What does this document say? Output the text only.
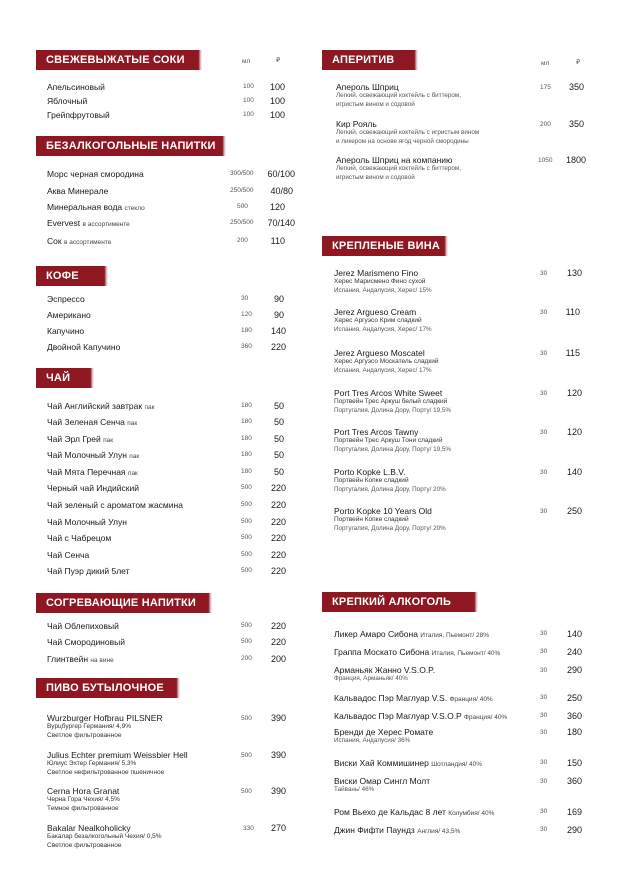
СВЕЖЕВЫЖАТЫЕ СОКИ	мл	₽
Апельсиновый	100 100
Яблочный	100 100
Грейпфрутовый	100 100
БЕЗАЛКОГОЛЬНЫЕ НАПИТКИ
Морс черная смородина	300/500 60/100
Аква Минерале	250/500 40/80
Минеральная вода стекло	500 120
Evervest в ассортименте	250/500 70/140
Сок в ассортименте	200	110
КОФЕ
Эспрессо	30	90
Американо	120 90
Капучино	180 140
Двойной Капучино	360 220
ЧАЙ
Чай Английский завтрак пак	180 50
Чай Зеленая Сенча пак	180 50
Чай Эрл Грей пак	180 50
Чай Молочный Улун пак	180 50
Чай Мята Перечная пак	180 50
Черный чай Индийский	500 220
Чай зеленый с ароматом жасмина	500 220
Чай Молочный Улун	500 220
Чай с Чабрецом	500 220
Чай Сенча	500 220
Чай Пуэр дикий 5лет	500 220
СОГРЕВАЮЩИЕ НАПИТКИ
Чай Облепиховый	500 220
Чай Смородиновый	500 220
Глинтвейн на вине	200 200
ПИВО БУТЫЛОЧНОЕ
Wurzburger Hofbrau PILSNER
Вурцбургер Германия/ 4,9%
Светлое фильтрованное
500 390
Julius Echter premium Weissbier Hell
Юлиус Эхтер Германия/ 5,3%
Светлое нефильтрованное пшеничное
500 390
Cerna Hora Granat
Черна Гора Чехия/ 4,5%
Темное фильтрованное
500 390
Bakalar Nealkoholicky
Бакалар безалкогольный Чехия/ 0,5%
Светлое фильтрованное
330 270
АПЕРИТИВ	мл	₽
Апероль Шприц
Легкий, освежающий коктейль с биттером,
игристым вином и содовой
175 350
Кир Рояль
Легкий, освежающий коктейль с игристым вином
и ликером на основе ягод черной смородины
200 350
Апероль Шприц на компанию
Легкий, освежающий коктейль с биттером,
игристым вином и содовой
1050 1800
КРЕПЛЕНЫЕ ВИНА
Jerez Marismeno Fino
Херес Марисмено Фино сухой
Испания, Андалусия, Херес/ 15%
30 130
Jerez Argueso Cream
Херес Аргуэсо Крим сладкий
Испания, Андалусия, Херес/ 17%
30 110
Jerez Argueso Moscatel
Херес Аргуэсо Москатель сладкий
Испания, Андалусия, Херес/ 17%
30 115
Port Tres Arcos White Sweet
Портвейн Трес Аркуш белый сладкий
Португалия, Долина Дору, Порту/ 19,5%
30 120
Port Tres Arcos Tawny
Портвейн Трес Аркуш Тони сладкий
Португалия, Долина Дору, Порту/ 19,5%
30 120
Porto Kopke L.B.V.
Портвейн Копке сладкий
Португалия, Долина Дору, Порту/ 20%
30 140
Porto Kopke 10 Years Old
Портвейн Копке сладкий
Португалия, Долина Дору, Порту/ 20%
30 250
КРЕПКИЙ АЛКОГОЛЬ
Ликер Амаро Сибона Италия, Пьемонт/ 28%	30 140
Граппа Москато Сибона Италия, Пьемонт/ 40%	30 240
Арманьяк Жанно V.S.O.P.
Франция, Арманьяк/ 40%
30 290
Кальвадос Пэр Маглуар V.S. Франция/ 40%	30 250
Кальвадос Пэр Маглуар V.S.O.P Франция/ 40%	30 360
Бренди де Херес Ромате
Испания, Андалусия/ 36%
30 180
Виски Хай Коммишинер Шотландия/ 40%	30 150
Виски Омар Сингл Молт
Тайвань/ 46%
30 360
Ром Вьехо де Кальдас 8 лет Колумбия/ 40%	30 169
Джин Фифти Паундз Англия/ 43,5%	30 290
